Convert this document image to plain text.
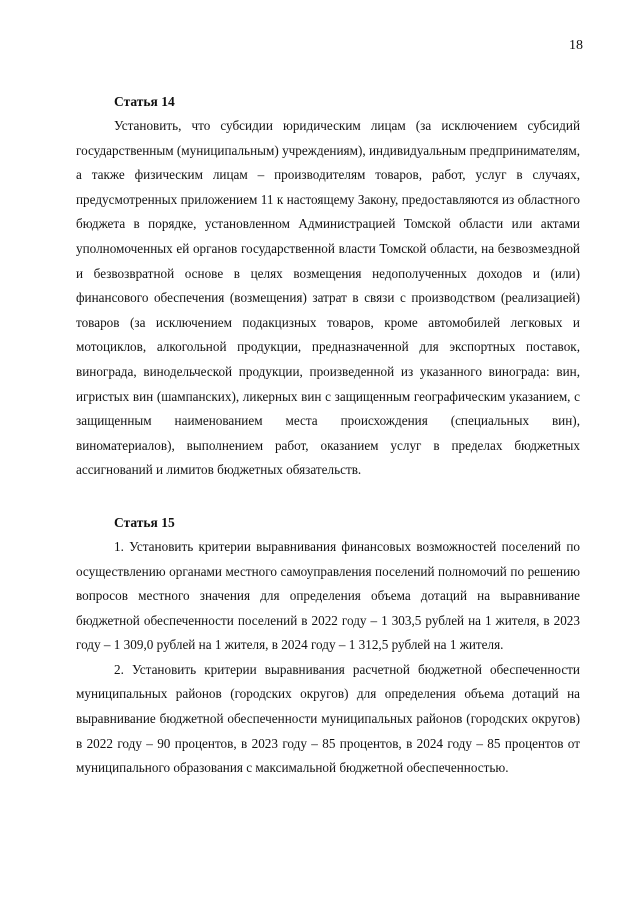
18

Статья 14

Установить, что субсидии юридическим лицам (за исключением субсидий государственным (муниципальным) учреждениям), индивидуальным предпринимателям, а также физическим лицам – производителям товаров, работ, услуг в случаях, предусмотренных приложением 11 к настоящему Закону, предоставляются из областного бюджета в порядке, установленном Администрацией Томской области или актами уполномоченных ей органов государственной власти Томской области, на безвозмездной и безвозвратной основе в целях возмещения недополученных доходов и (или) финансового обеспечения (возмещения) затрат в связи с производством (реализацией) товаров (за исключением подакцизных товаров, кроме автомобилей легковых и мотоциклов, алкогольной продукции, предназначенной для экспортных поставок, винограда, винодельческой продукции, произведенной из указанного винограда: вин, игристых вин (шампанских), ликерных вин с защищенным географическим указанием, с защищенным наименованием места происхождения (специальных вин), виноматериалов), выполнением работ, оказанием услуг в пределах бюджетных ассигнований и лимитов бюджетных обязательств.

Статья 15

1. Установить критерии выравнивания финансовых возможностей поселений по осуществлению органами местного самоуправления поселений полномочий по решению вопросов местного значения для определения объема дотаций на выравнивание бюджетной обеспеченности поселений в 2022 году – 1 303,5 рублей на 1 жителя, в 2023 году – 1 309,0 рублей на 1 жителя, в 2024 году – 1 312,5 рублей на 1 жителя.

2. Установить критерии выравнивания расчетной бюджетной обеспеченности муниципальных районов (городских округов) для определения объема дотаций на выравнивание бюджетной обеспеченности муниципальных районов (городских округов) в 2022 году – 90 процентов, в 2023 году – 85 процентов, в 2024 году – 85 процентов от муниципального образования с максимальной бюджетной обеспеченностью.
